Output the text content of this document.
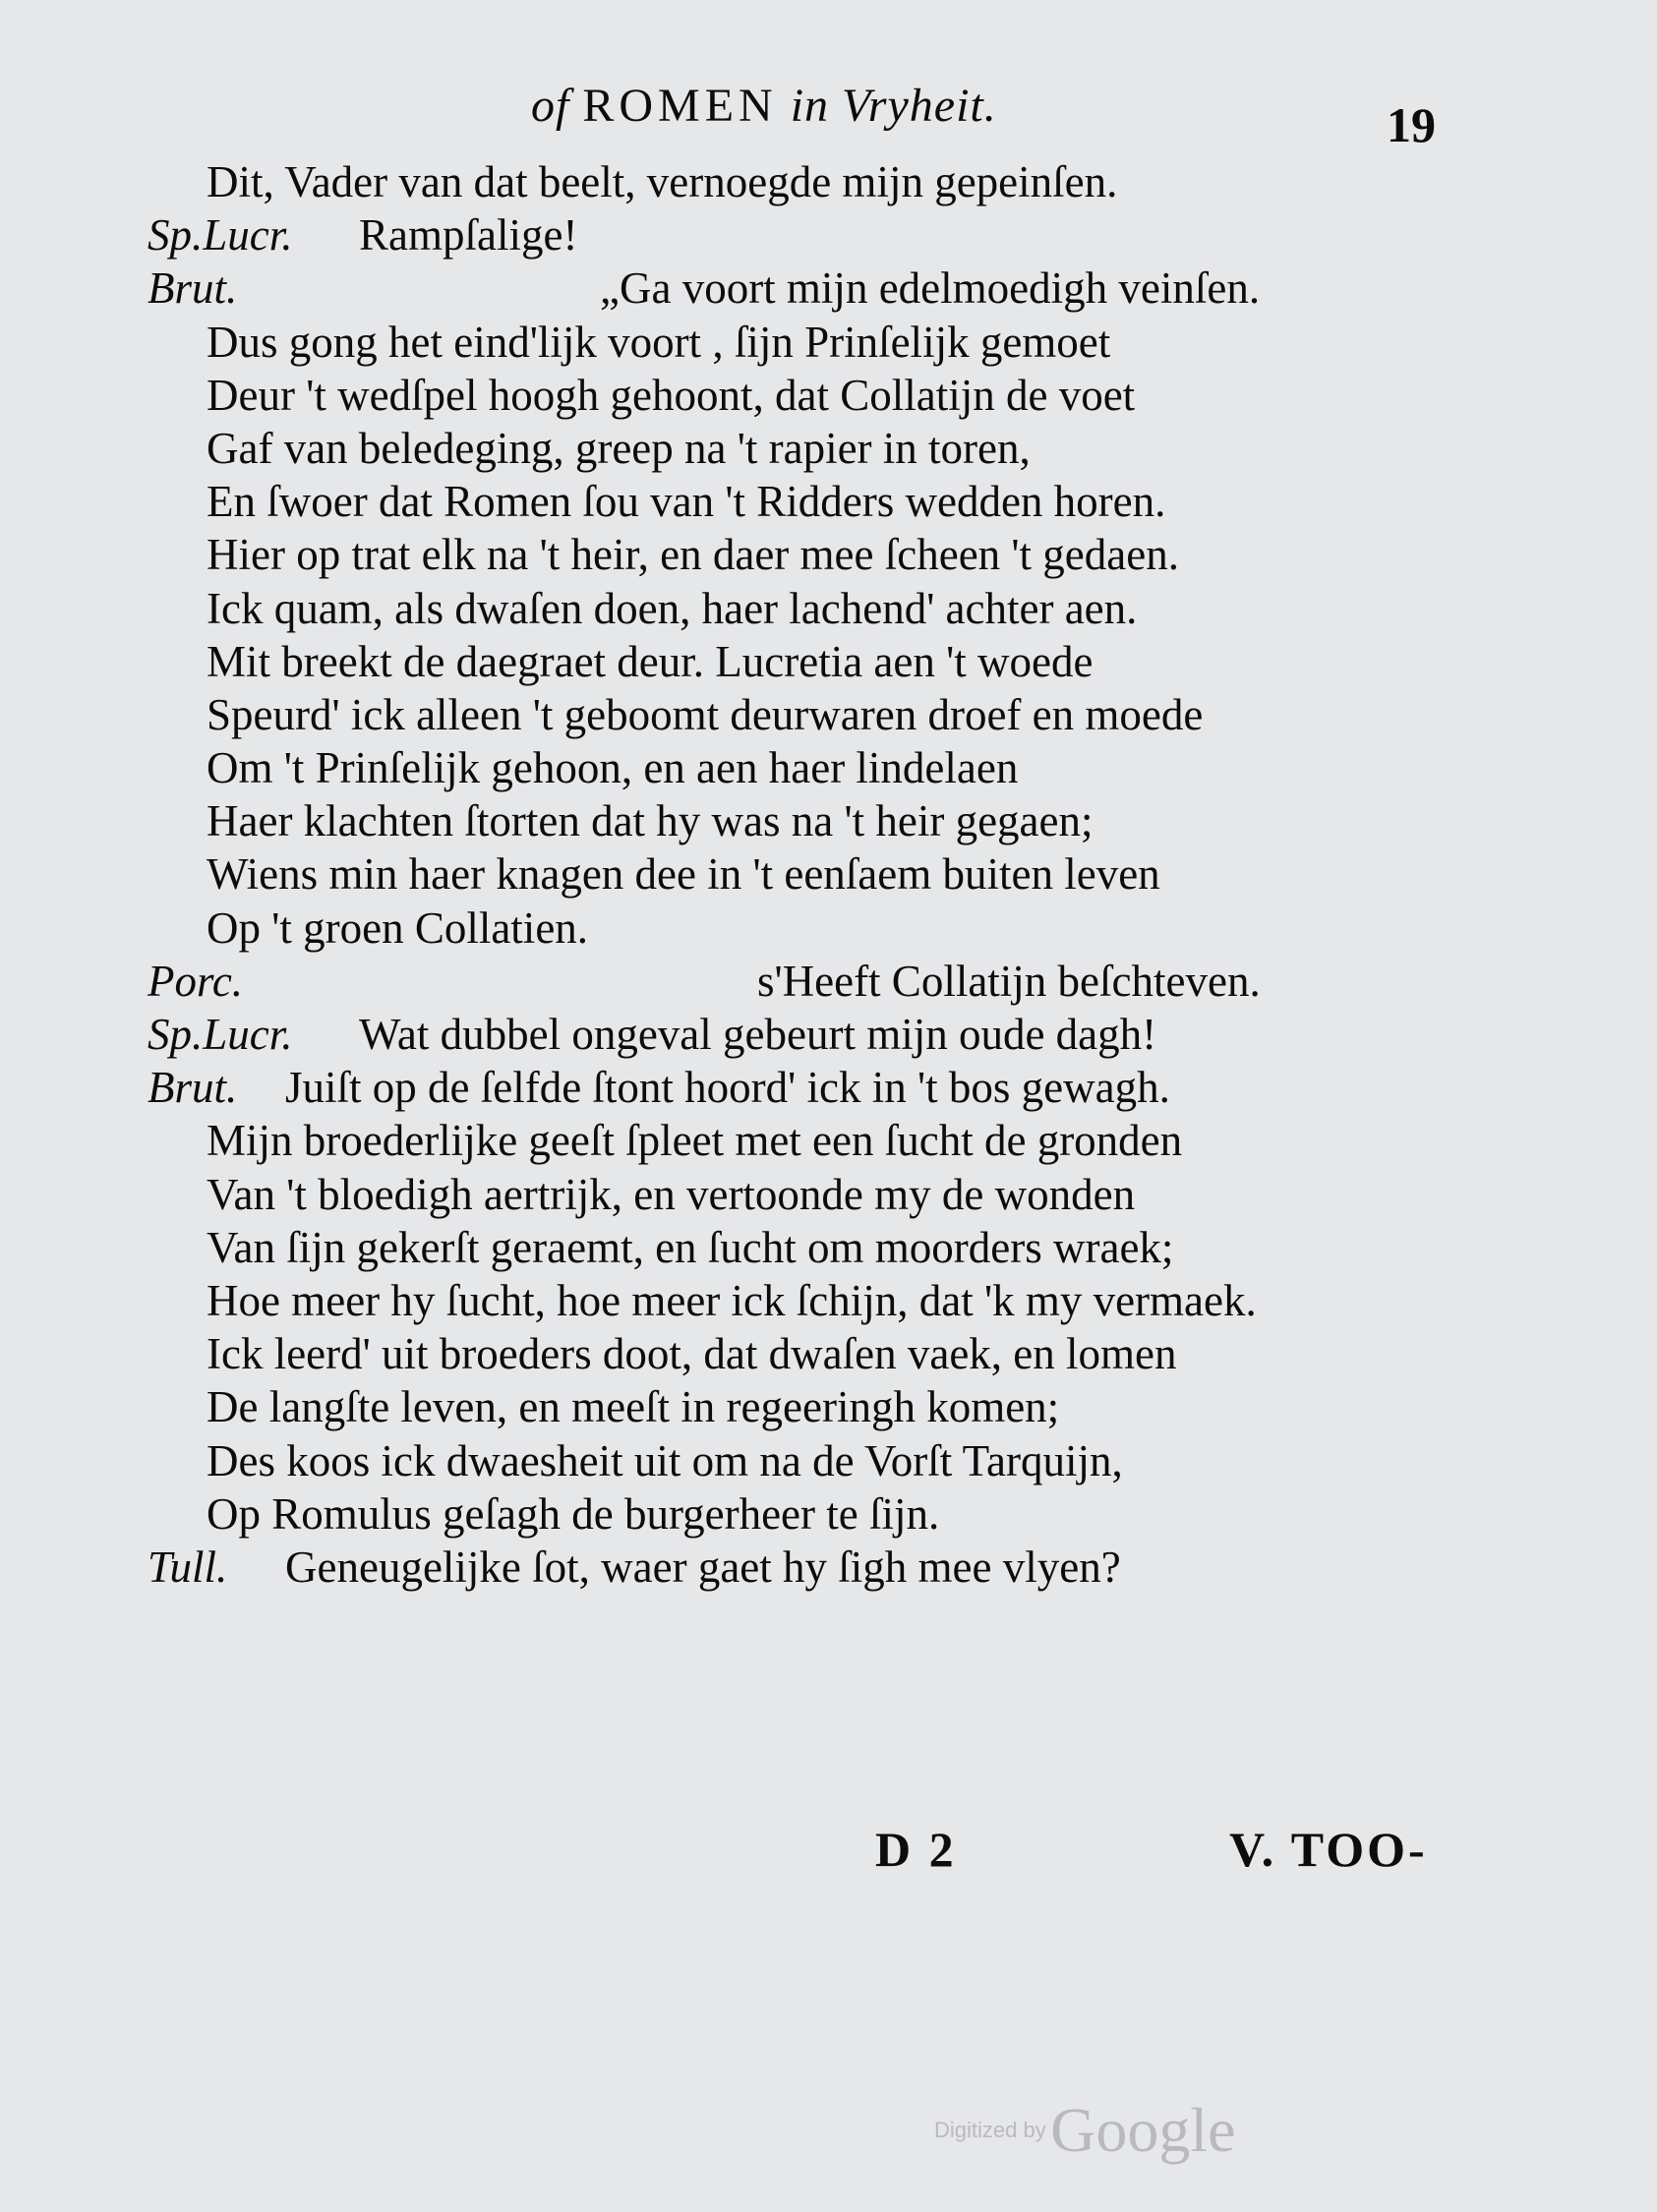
of ROMEN in Vryheit.	19
Dit, Vader van dat beelt, vernoegde mijn gepeinſen.
Sp.Lucr. Rampſalige!
Brut.	„Ga voort mijn edelmoedigh veinſen.
Dus gong het eind'lijk voort , ſijn Prinſelijk gemoet
Deur 't wedſpel hoogh gehoont, dat Collatijn de voet
Gaf van beledeging, greep na 't rapier in toren,
En ſwoer dat Romen ſou van 't Ridders wedden horen.
Hier op trat elk na 't heir, en daer mee ſcheen 't gedaen.
Ick quam, als dwaſen doen, haer lachend' achter aen.
Mit breekt de daegraet deur. Lucretia aen 't woede
Speurd' ick alleen 't geboomt deurwaren droef en moede
Om 't Prinſelijk gehoon, en aen haer lindelaen
Haer klachten ſtorten dat hy was na 't heir gegaen;
Wiens min haer knagen dee in 't eenſaem buiten leven
Op 't groen Collatien.
Porc.	s'Heeft Collatijn beſchteven.
Sp.Lucr. Wat dubbel ongeval gebeurt mijn oude dagh!
Brut. Juiſt op de ſelfde ſtont hoord' ick in 't bos gewagh.
Mijn broederlijke geeſt ſpleet met een ſucht de gronden
Van 't bloedigh aertrijk, en vertoonde my de wonden
Van ſijn gekerſt geraemt, en ſucht om moorders wraek;
Hoe meer hy ſucht, hoe meer ick ſchijn, dat 'k my vermaek.
Ick leerd' uit broeders doot, dat dwaſen vaek, en lomen
De langſte leven, en meeſt in regeeringh komen;
Des koos ick dwaesheit uit om na de Vorſt Tarquijn,
Op Romulus geſagh de burgerheer te ſijn.
Tull. Geneugelijke ſot, waer gaet hy ſigh mee vlyen?
D 2	V. TOO-
Digitized by Google
